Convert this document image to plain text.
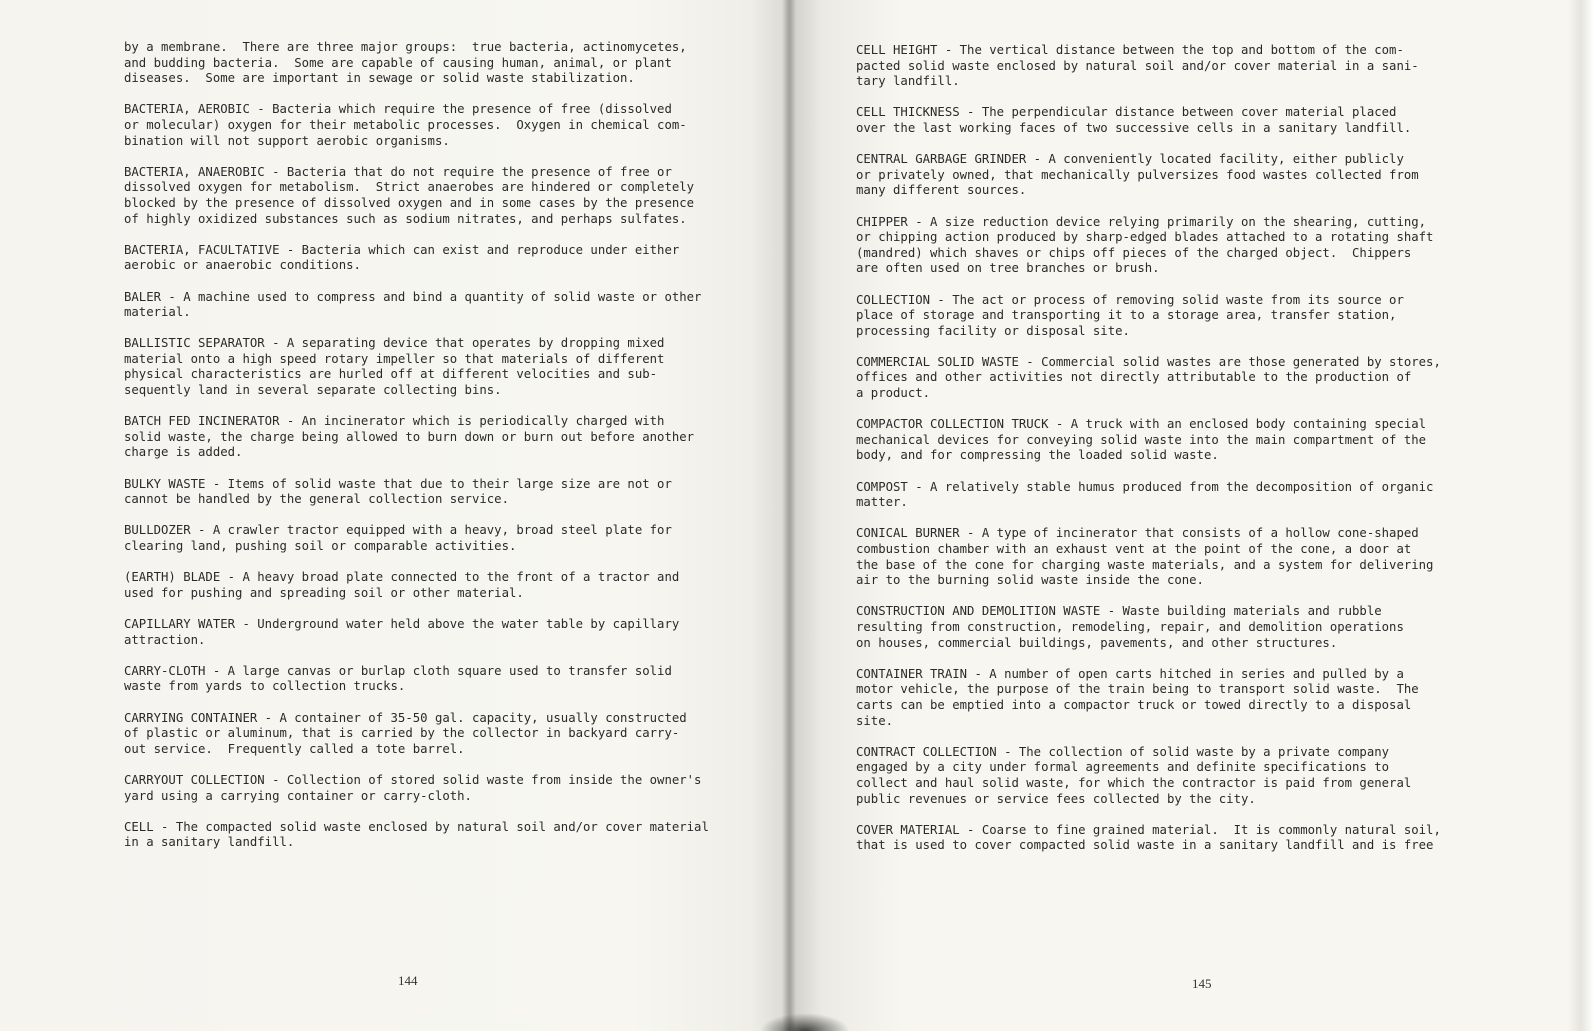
by a membrane.  There are three major groups:  true bacteria, actinomycetes,
and budding bacteria.  Some are capable of causing human, animal, or plant
diseases.  Some are important in sewage or solid waste stabilization.

BACTERIA, AEROBIC - Bacteria which require the presence of free (dissolved
or molecular) oxygen for their metabolic processes.  Oxygen in chemical com-
bination will not support aerobic organisms.

BACTERIA, ANAEROBIC - Bacteria that do not require the presence of free or
dissolved oxygen for metabolism.  Strict anaerobes are hindered or completely
blocked by the presence of dissolved oxygen and in some cases by the presence
of highly oxidized substances such as sodium nitrates, and perhaps sulfates.

BACTERIA, FACULTATIVE - Bacteria which can exist and reproduce under either
aerobic or anaerobic conditions.

BALER - A machine used to compress and bind a quantity of solid waste or other
material.

BALLISTIC SEPARATOR - A separating device that operates by dropping mixed
material onto a high speed rotary impeller so that materials of different
physical characteristics are hurled off at different velocities and sub-
sequently land in several separate collecting bins.

BATCH FED INCINERATOR - An incinerator which is periodically charged with
solid waste, the charge being allowed to burn down or burn out before another
charge is added.

BULKY WASTE - Items of solid waste that due to their large size are not or
cannot be handled by the general collection service.

BULLDOZER - A crawler tractor equipped with a heavy, broad steel plate for
clearing land, pushing soil or comparable activities.

(EARTH) BLADE - A heavy broad plate connected to the front of a tractor and
used for pushing and spreading soil or other material.

CAPILLARY WATER - Underground water held above the water table by capillary
attraction.

CARRY-CLOTH - A large canvas or burlap cloth square used to transfer solid
waste from yards to collection trucks.

CARRYING CONTAINER - A container of 35-50 gal. capacity, usually constructed
of plastic or aluminum, that is carried by the collector in backyard carry-
out service.  Frequently called a tote barrel.

CARRYOUT COLLECTION - Collection of stored solid waste from inside the owner's
yard using a carrying container or carry-cloth.

CELL - The compacted solid waste enclosed by natural soil and/or cover material
in a sanitary landfill.

144

CELL HEIGHT - The vertical distance between the top and bottom of the com-
pacted solid waste enclosed by natural soil and/or cover material in a sani-
tary landfill.

CELL THICKNESS - The perpendicular distance between cover material placed
over the last working faces of two successive cells in a sanitary landfill.

CENTRAL GARBAGE GRINDER - A conveniently located facility, either publicly
or privately owned, that mechanically pulversizes food wastes collected from
many different sources.

CHIPPER - A size reduction device relying primarily on the shearing, cutting,
or chipping action produced by sharp-edged blades attached to a rotating shaft
(mandred) which shaves or chips off pieces of the charged object.  Chippers
are often used on tree branches or brush.

COLLECTION - The act or process of removing solid waste from its source or
place of storage and transporting it to a storage area, transfer station,
processing facility or disposal site.

COMMERCIAL SOLID WASTE - Commercial solid wastes are those generated by stores,
offices and other activities not directly attributable to the production of
a product.

COMPACTOR COLLECTION TRUCK - A truck with an enclosed body containing special
mechanical devices for conveying solid waste into the main compartment of the
body, and for compressing the loaded solid waste.

COMPOST - A relatively stable humus produced from the decomposition of organic
matter.

CONICAL BURNER - A type of incinerator that consists of a hollow cone-shaped
combustion chamber with an exhaust vent at the point of the cone, a door at
the base of the cone for charging waste materials, and a system for delivering
air to the burning solid waste inside the cone.

CONSTRUCTION AND DEMOLITION WASTE - Waste building materials and rubble
resulting from construction, remodeling, repair, and demolition operations
on houses, commercial buildings, pavements, and other structures.

CONTAINER TRAIN - A number of open carts hitched in series and pulled by a
motor vehicle, the purpose of the train being to transport solid waste.  The
carts can be emptied into a compactor truck or towed directly to a disposal
site.

CONTRACT COLLECTION - The collection of solid waste by a private company
engaged by a city under formal agreements and definite specifications to
collect and haul solid waste, for which the contractor is paid from general
public revenues or service fees collected by the city.

COVER MATERIAL - Coarse to fine grained material.  It is commonly natural soil,
that is used to cover compacted solid waste in a sanitary landfill and is free

145
